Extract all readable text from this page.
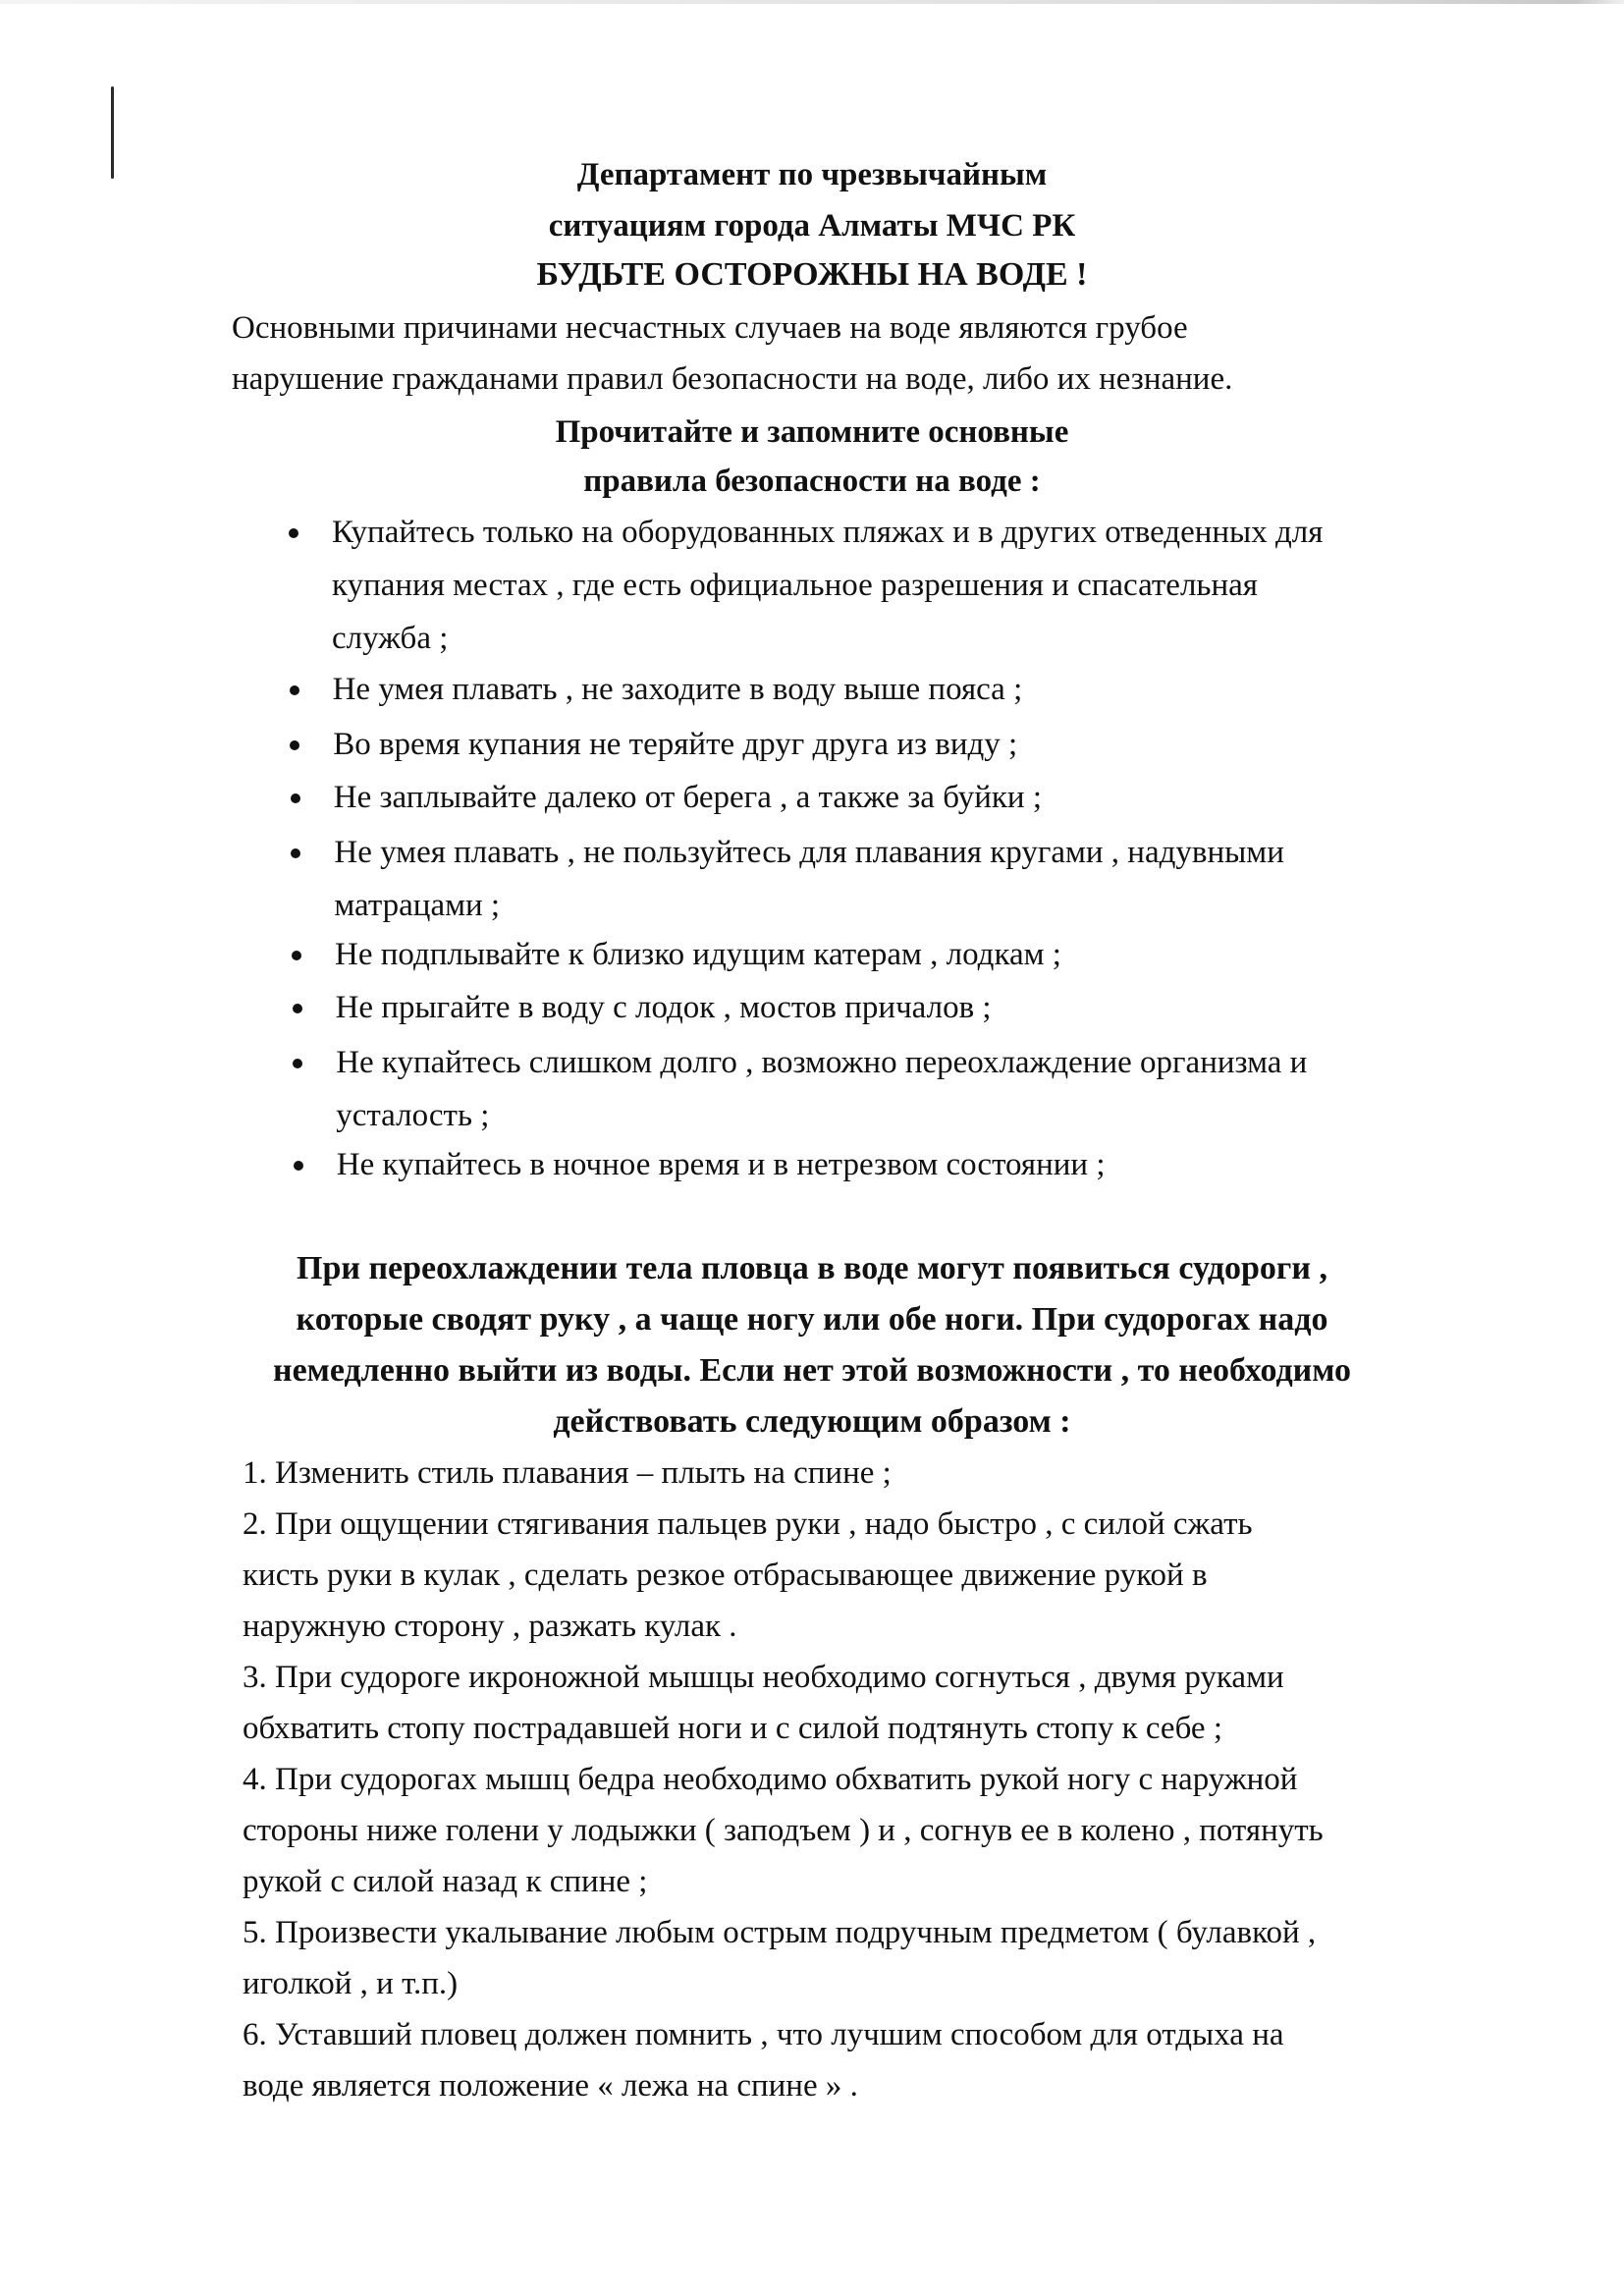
Департамент по чрезвычайным
ситуациям города Алматы МЧС РК
БУДЬТЕ ОСТОРОЖНЫ НА ВОДЕ !
Основными причинами несчастных случаев на воде являются грубое
нарушение гражданами правил безопасности на воде, либо их незнание.
Прочитайте и запомните основные
правила безопасности на воде :
Купайтесь только на оборудованных пляжах и в других отведенных для
купания местах , где есть официальное разрешения и спасательная
служба ;
Не умея плавать , не заходите в воду выше пояса ;
Во время купания не теряйте друг друга из виду ;
Не заплывайте далеко от берега , а также за буйки ;
Не умея плавать , не пользуйтесь для плавания кругами , надувными
матрацами ;
Не подплывайте к близко идущим катерам , лодкам ;
Не прыгайте в воду с лодок , мостов причалов ;
Не купайтесь слишком долго , возможно переохлаждение организма и
усталость ;
Не купайтесь в ночное время и в нетрезвом состоянии ;
При переохлаждении тела пловца в воде могут появиться судороги ,
которые сводят руку , а чаще ногу или обе ноги. При судорогах надо
немедленно выйти из воды. Если нет этой возможности , то необходимо
действовать следующим образом :
1. Изменить стиль плавания – плыть на спине ;
2. При ощущении стягивания пальцев руки , надо быстро , с силой сжать
кисть руки в кулак , сделать резкое отбрасывающее движение рукой в
наружную сторону , разжать кулак .
3. При судороге икроножной мышцы необходимо согнуться , двумя руками
обхватить стопу пострадавшей ноги и с силой подтянуть стопу к себе ;
4. При судорогах мышц бедра необходимо обхватить рукой ногу с наружной
стороны ниже голени у лодыжки ( заподъем ) и , согнув ее в колено , потянуть
рукой с силой назад к спине ;
5. Произвести укалывание любым острым подручным предметом ( булавкой ,
иголкой , и т.п.)
6. Уставший пловец должен помнить , что лучшим способом для отдыха на
воде является положение « лежа на спине » .
